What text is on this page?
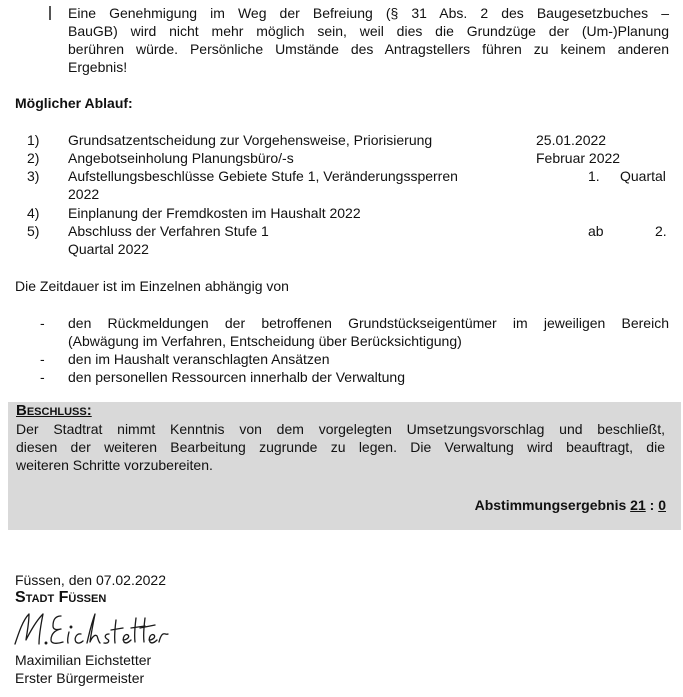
Eine Genehmigung im Weg der Befreiung (§ 31 Abs. 2 des Baugesetzbuches –
BauGB) wird nicht mehr möglich sein, weil dies die Grundzüge der (Um-)Planung
berühren würde. Persönliche Umstände des Antragstellers führen zu keinem anderen
Ergebnis!
Möglicher Ablauf:
1) Grundsatzentscheidung zur Vorgehensweise, Priorisierung	25.01.2022
2) Angebotseinholung Planungsbüro/-s	Februar 2022
3) Aufstellungsbeschlüsse Gebiete Stufe 1, Veränderungssperren	1. Quartal
2022
4) Einplanung der Fremdkosten im Haushalt 2022
5) Abschluss der Verfahren Stufe 1	ab	2.
Quartal 2022
Die Zeitdauer ist im Einzelnen abhängig von
- den Rückmeldungen der betroffenen Grundstückseigentümer im jeweiligen Bereich
(Abwägung im Verfahren, Entscheidung über Berücksichtigung)
- den im Haushalt veranschlagten Ansätzen
- den personellen Ressourcen innerhalb der Verwaltung
Beschluss:
Der Stadtrat nimmt Kenntnis von dem vorgelegten Umsetzungsvorschlag und beschließt,
diesen der weiteren Bearbeitung zugrunde zu legen. Die Verwaltung wird beauftragt, die
weiteren Schritte vorzubereiten.
Abstimmungsergebnis 21 : 0
Füssen, den 07.02.2022
Stadt Füssen
Maximilian Eichstetter
Erster Bürgermeister
